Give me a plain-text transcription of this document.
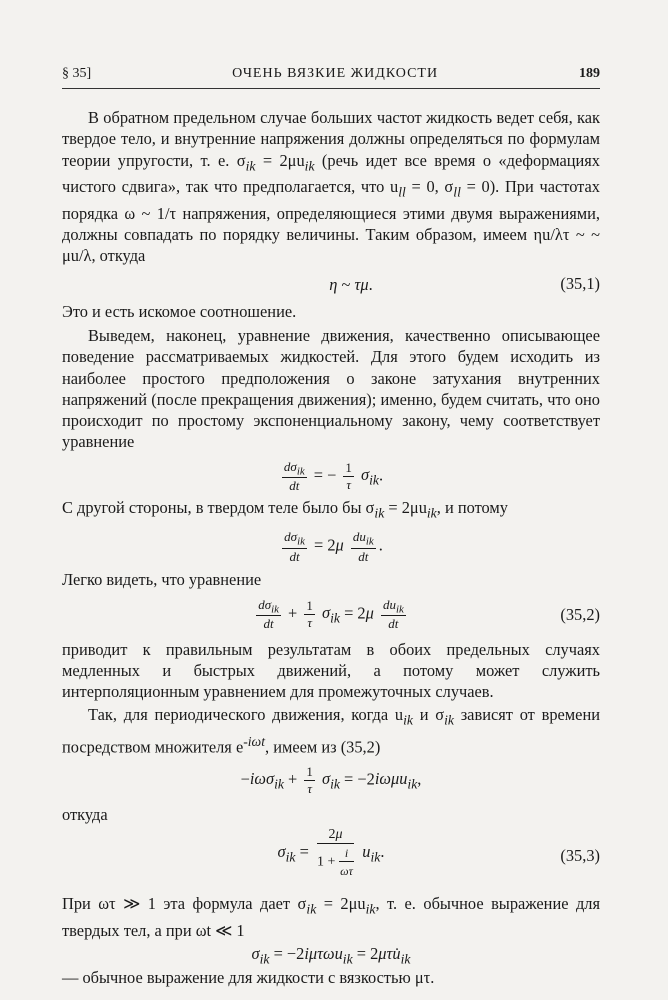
§ 35]	ОЧЕНЬ ВЯЗКИЕ ЖИДКОСТИ	189

В обратном предельном случае больших частот жидкость ведет себя, как твердое тело, и внутренние напряжения должны определяться по формулам теории упругости, т. е. $\sigma_{ik} = 2\mu u_{ik}$ (речь идет все время о «деформациях чистого сдвига», так что предполагается, что $u_{ll} = 0$, $\sigma_{ll} = 0$). При частотах порядка ω ~ 1/τ напряжения, определяющиеся этими двумя выражениями, должны совпадать по порядку величины. Таким образом, имеем ηu/λτ ~ ~ μu/λ, откуда

η ~ τμ.	(35,1)

Это и есть искомое соотношение.

Выведем, наконец, уравнение движения, качественно описывающее поведение рассматриваемых жидкостей. Для этого будем исходить из наиболее простого предположения о законе затухания внутренних напряжений (после прекращения движения); именно, будем считать, что оно происходит по простому экспоненциальному закону, чему соответствует уравнение

$\frac{d\sigma_{ik}}{dt}$ = − $\frac{1}{\tau} \sigma_{ik}$.

С другой стороны, в твердом теле было бы $\sigma_{ik} = 2\mu u_{ik}$, и потому

$\frac{d\sigma_{ik}}{dt} = 2\mu \frac{du_{ik}}{dt}$ .

Легко видеть, что уравнение

$\frac{d\sigma_{ik}}{dt} + \frac{1}{\tau} \sigma_{ik} = 2\mu \frac{du_{ik}}{dt}$	(35,2)

приводит к правильным результатам в обоих предельных случаях медленных и быстрых движений, а потому может служить интерполяционным уравнением для промежуточных случаев.

Так, для периодического движения, когда $u_{ik}$ и $\sigma_{ik}$ зависят от времени посредством множителя $e^{-i\omega t}$, имеем из (35,2)

$-i\omega\sigma_{ik} + \frac{1}{\tau} \sigma_{ik} = -2i\omega\mu u_{ik}$,

откуда

$\sigma_{ik}$ =
2μ
$1 + \frac{i}{\omega\tau} u_{ik}$.	(35,3)

При ωτ ≫ 1 эта формула дает $\sigma_{ik} = 2\mu u_{ik}$, т. е. обычное выражение для твердых тел, а при ωt ≪ 1

$\sigma_{ik} = -2i\mu\tau\omega u_{ik}$ = $2\mu\tau u̇_{ik}$

— обычное выражение для жидкости с вязкостью μτ.
